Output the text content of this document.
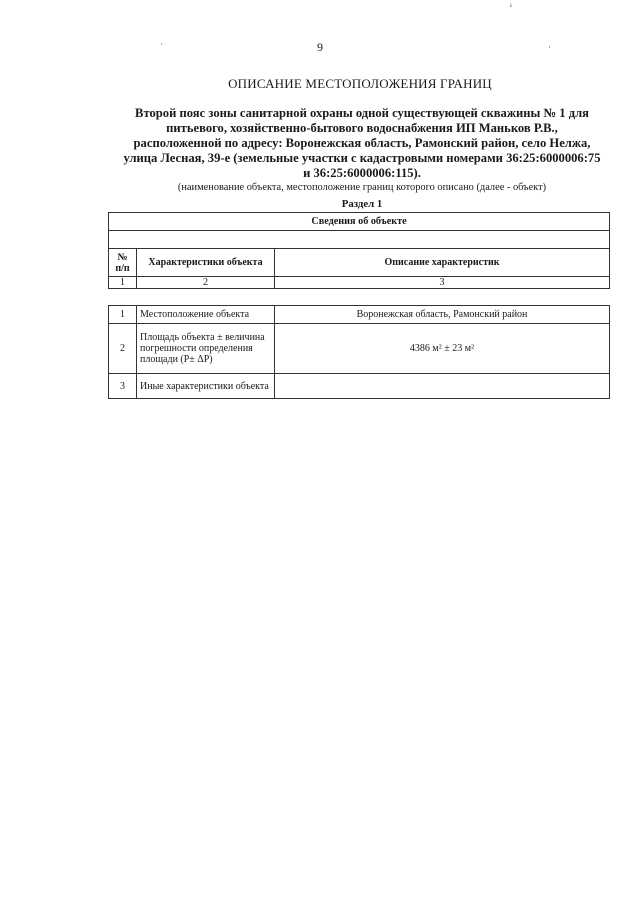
9
ˈ	·
ⁱ
ОПИСАНИЕ МЕСТОПОЛОЖЕНИЯ ГРАНИЦ
Второй пояс зоны санитарной охраны одной существующей скважины № 1 для
питьевого, хозяйственно-бытового водоснабжения ИП Маньков Р.В.,
расположенной по адресу: Воронежская область, Рамонский район, село Нелжа,
улица Лесная, 39-е (земельные участки с кадастровыми номерами 36:25:6000006:75
и 36:25:6000006:115).
(наименование объекта, местоположение границ которого описано (далее - объект)
Раздел 1
Сведения об объекте		

№ п/п	Характеристики объекта	Описание характеристик
1	2	3
1	Местоположение объекта	Воронежская область, Рамонский район
2	Площадь объекта ± величина погрешности определения площади (Р± ΔР)	4386 м² ± 23 м²
3	Иные характеристики объекта	
